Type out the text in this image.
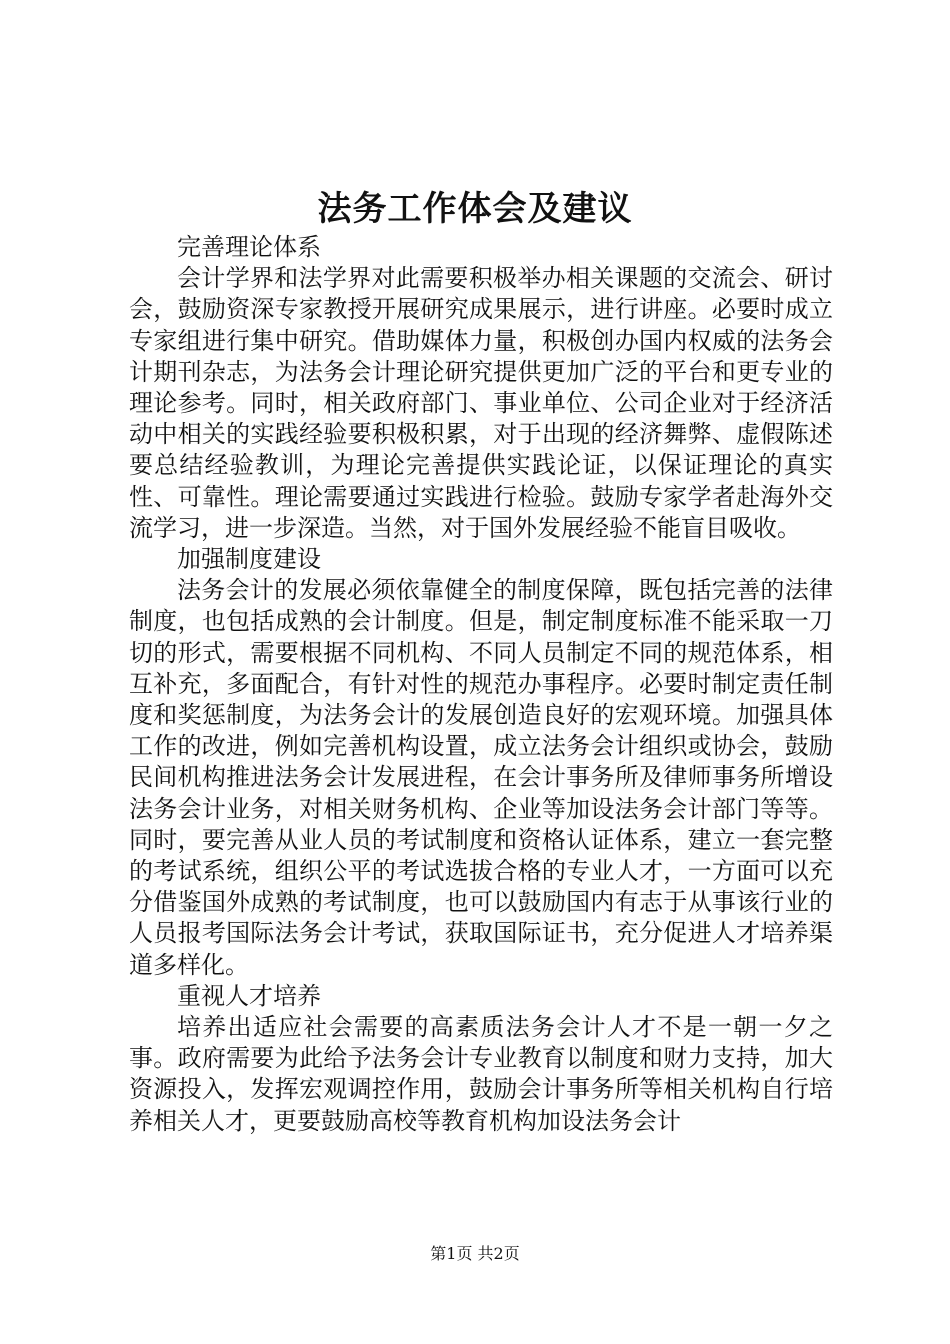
法务工作体会及建议

完善理论体系

会计学界和法学界对此需要积极举办相关课题的交流会、研讨会，鼓励资深专家教授开展研究成果展示，进行讲座。必要时成立专家组进行集中研究。借助媒体力量，积极创办国内权威的法务会计期刊杂志，为法务会计理论研究提供更加广泛的平台和更专业的理论参考。同时，相关政府部门、事业单位、公司企业对于经济活动中相关的实践经验要积极积累，对于出现的经济舞弊、虚假陈述要总结经验教训，为理论完善提供实践论证，以保证理论的真实性、可靠性。理论需要通过实践进行检验。鼓励专家学者赴海外交流学习，进一步深造。当然，对于国外发展经验不能盲目吸收。

加强制度建设

法务会计的发展必须依靠健全的制度保障，既包括完善的法律制度，也包括成熟的会计制度。但是，制定制度标准不能采取一刀切的形式，需要根据不同机构、不同人员制定不同的规范体系，相互补充，多面配合，有针对性的规范办事程序。必要时制定责任制度和奖惩制度，为法务会计的发展创造良好的宏观环境。加强具体工作的改进，例如完善机构设置，成立法务会计组织或协会，鼓励民间机构推进法务会计发展进程，在会计事务所及律师事务所增设法务会计业务，对相关财务机构、企业等加设法务会计部门等等。同时，要完善从业人员的考试制度和资格认证体系，建立一套完整的考试系统，组织公平的考试选拔合格的专业人才，一方面可以充分借鉴国外成熟的考试制度，也可以鼓励国内有志于从事该行业的人员报考国际法务会计考试，获取国际证书，充分促进人才培养渠道多样化。

重视人才培养

培养出适应社会需要的高素质法务会计人才不是一朝一夕之事。政府需要为此给予法务会计专业教育以制度和财力支持，加大资源投入，发挥宏观调控作用，鼓励会计事务所等相关机构自行培养相关人才，更要鼓励高校等教育机构加设法务会计

第1页 共2页
